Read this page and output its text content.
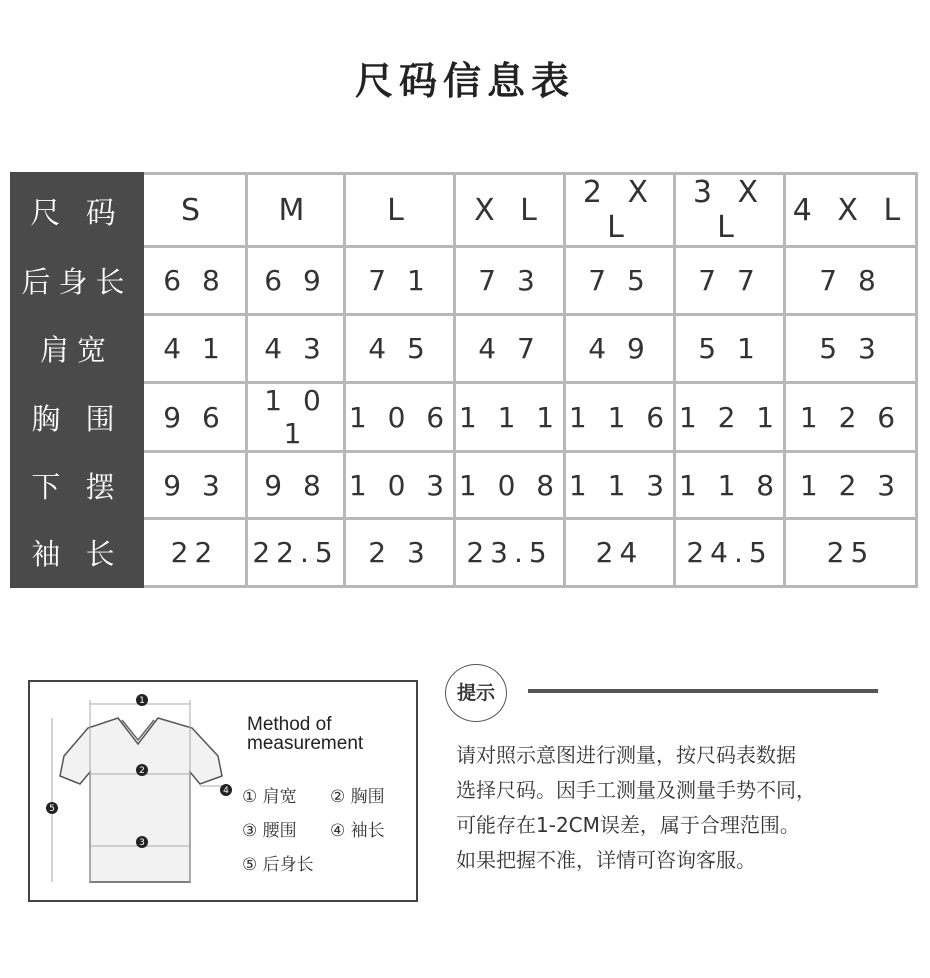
尺码信息表
尺 码	S	M	L	X L	2 X L	3 X L	4 X L
后身长	6 8	6 9	7 1	7 3	7 5	7 7	7 8
肩宽	4 1	4 3	4 5	4 7	4 9	5 1	5 3
胸 围	9 6	1 0 1	1 0 6	1 1 1	1 1 6	1 2 1	1 2 6
下 摆	9 3	9 8	1 0 3	1 0 8	1 1 3	1 1 8	1 2 3
袖 长	22	22.5	2 3	23.5	24	24.5	25
1
2
3
4
5
Method of
measurement
① 肩宽 ② 胸围
③ 腰围 ④ 袖长
⑤ 后身长
提示
请对照示意图进行测量，按尺码表数据
选择尺码。因手工测量及测量手势不同，
可能存在1-2CM误差，属于合理范围。
如果把握不准，详情可咨询客服。
